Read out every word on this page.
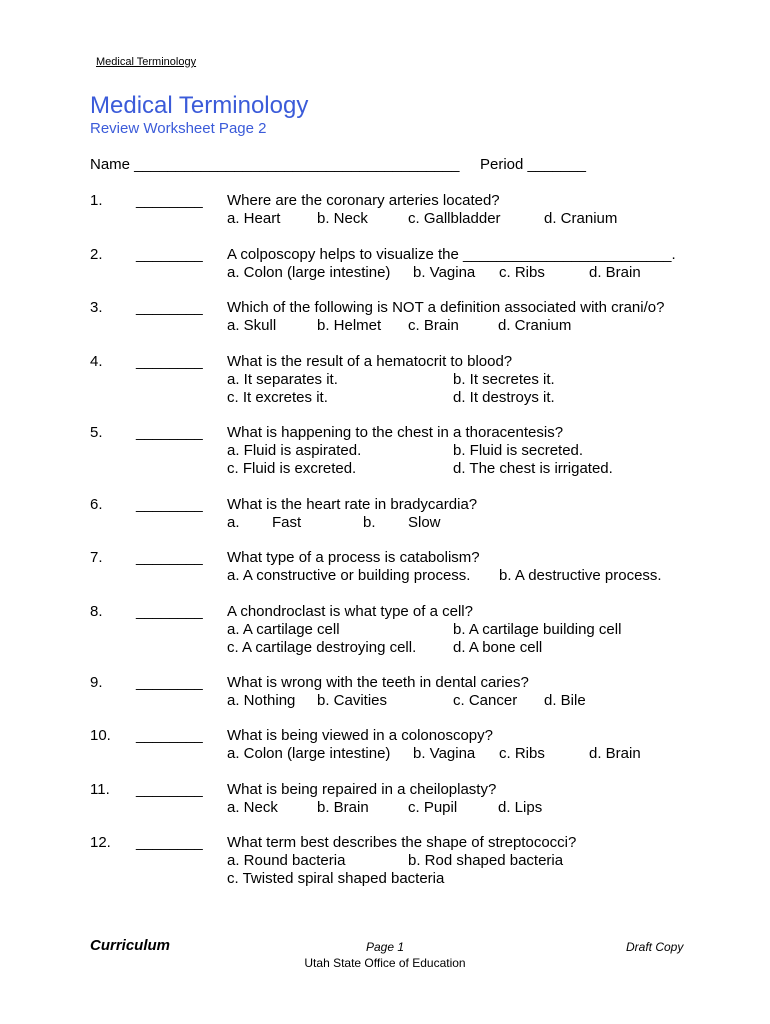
Medical Terminology
Medical Terminology
Review Worksheet Page 2
Name _______________________________________ Period _______
1. ________ Where are the coronary arteries located?
a. Heart b. Neck	c. Gallbladder	d. Cranium
2. ________ A colposcopy helps to visualize the _________________________.
a. Colon (large intestine) b. Vagina c. Ribs	d. Brain
3. ________ Which of the following is NOT a definition associated with crani/o?
a. Skull	b. Helmet c. Brain	d. Cranium
4. ________ What is the result of a hematocrit to blood?
a. It separates it.	b. It secretes it.
c. It excretes it.	d. It destroys it.
5. ________ What is happening to the chest in a thoracentesis?
a. Fluid is aspirated.	b. Fluid is secreted.
c. Fluid is excreted.	d. The chest is irrigated.
6. ________ What is the heart rate in bradycardia?
a. Fast	b. Slow
7. ________ What type of a process is catabolism?
a. A constructive or building process. b. A destructive process.
8. ________ A chondroclast is what type of a cell?
a. A cartilage cell	b. A cartilage building cell
c. A cartilage destroying cell. d. A bone cell
9. ________ What is wrong with the teeth in dental caries?
a. Nothing b. Cavities	c. Cancer d. Bile
10. ________ What is being viewed in a colonoscopy?
a. Colon (large intestine) b. Vagina c. Ribs	d. Brain
11. ________ What is being repaired in a cheiloplasty?
a. Neck	b. Brain	c. Pupil	d. Lips
12. ________ What term best describes the shape of streptococci?
a. Round bacteria	b. Rod shaped bacteria
c. Twisted spiral shaped bacteria
Curriculum	Page 1
Utah State Office of Education
Draft Copy
